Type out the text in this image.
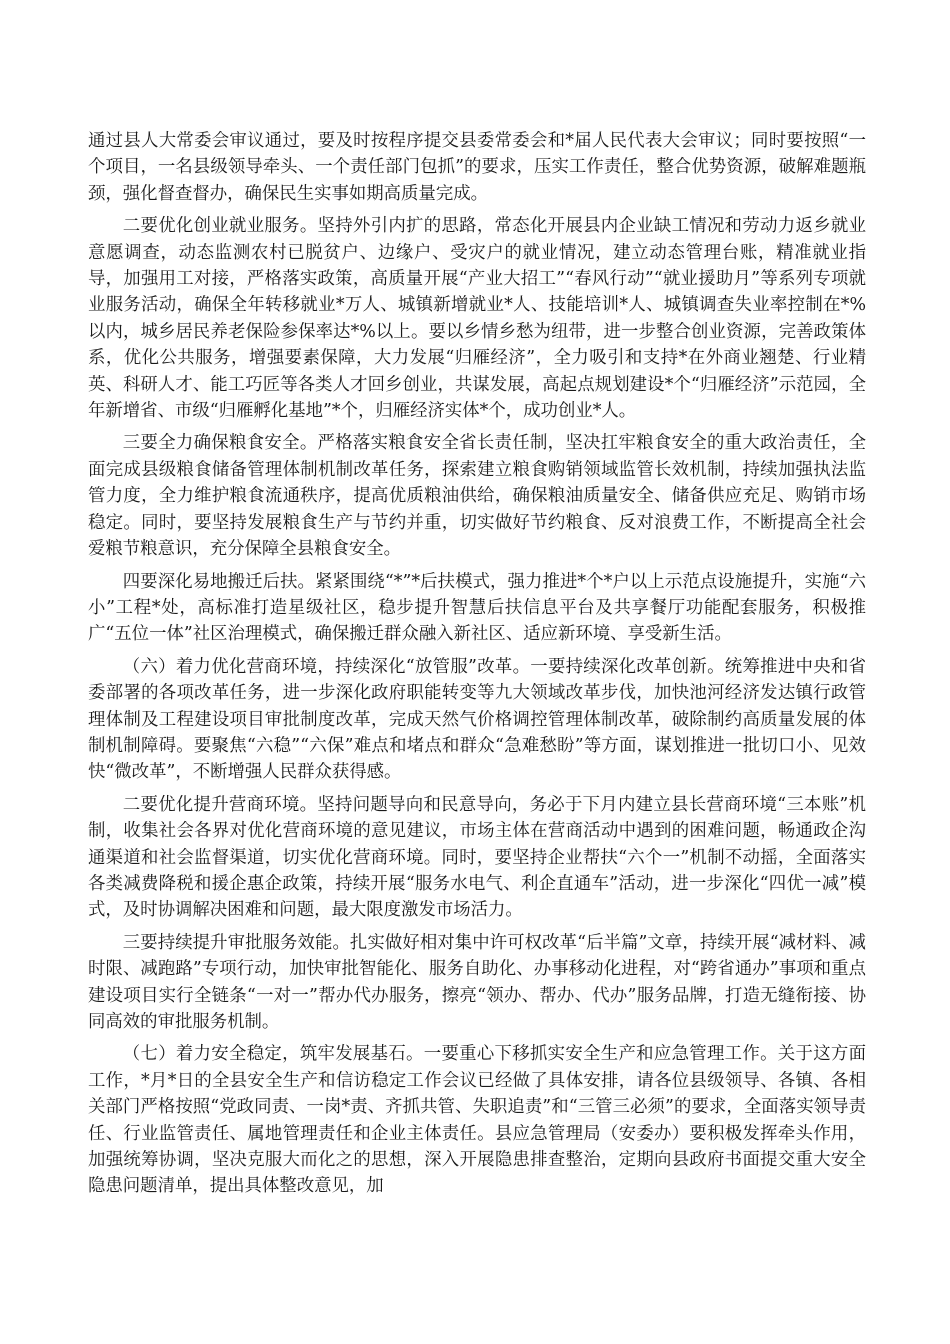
通过县人大常委会审议通过，要及时按程序提交县委常委会和*届人民代表大会审议；同时要按照“一个项目，一名县级领导牵头、一个责任部门包抓”的要求，压实工作责任，整合优势资源，破解难题瓶颈，强化督查督办，确保民生实事如期高质量完成。

二要优化创业就业服务。坚持外引内扩的思路，常态化开展县内企业缺工情况和劳动力返乡就业意愿调查，动态监测农村已脱贫户、边缘户、受灾户的就业情况，建立动态管理台账，精准就业指导，加强用工对接，严格落实政策，高质量开展“产业大招工”“春风行动”“就业援助月”等系列专项就业服务活动，确保全年转移就业*万人、城镇新增就业*人、技能培训*人、城镇调查失业率控制在*%以内，城乡居民养老保险参保率达*%以上。要以乡情乡愁为纽带，进一步整合创业资源，完善政策体系，优化公共服务，增强要素保障，大力发展“归雁经济”，全力吸引和支持*在外商业翘楚、行业精英、科研人才、能工巧匠等各类人才回乡创业，共谋发展，高起点规划建设*个“归雁经济”示范园，全年新增省、市级“归雁孵化基地”*个，归雁经济实体*个，成功创业*人。

三要全力确保粮食安全。严格落实粮食安全省长责任制，坚决扛牢粮食安全的重大政治责任，全面完成县级粮食储备管理体制机制改革任务，探索建立粮食购销领域监管长效机制，持续加强执法监管力度，全力维护粮食流通秩序，提高优质粮油供给，确保粮油质量安全、储备供应充足、购销市场稳定。同时，要坚持发展粮食生产与节约并重，切实做好节约粮食、反对浪费工作，不断提高全社会爱粮节粮意识，充分保障全县粮食安全。

四要深化易地搬迁后扶。紧紧围绕“*”*后扶模式，强力推进*个*户以上示范点设施提升，实施“六小”工程*处，高标准打造星级社区，稳步提升智慧后扶信息平台及共享餐厅功能配套服务，积极推广“五位一体”社区治理模式，确保搬迁群众融入新社区、适应新环境、享受新生活。

（六）着力优化营商环境，持续深化“放管服”改革。一要持续深化改革创新。统筹推进中央和省委部署的各项改革任务，进一步深化政府职能转变等九大领域改革步伐，加快池河经济发达镇行政管理体制及工程建设项目审批制度改革，完成天然气价格调控管理体制改革，破除制约高质量发展的体制机制障碍。要聚焦“六稳”“六保”难点和堵点和群众“急难愁盼”等方面，谋划推进一批切口小、见效快“微改革”，不断增强人民群众获得感。

二要优化提升营商环境。坚持问题导向和民意导向，务必于下月内建立县长营商环境“三本账”机制，收集社会各界对优化营商环境的意见建议，市场主体在营商活动中遇到的困难问题，畅通政企沟通渠道和社会监督渠道，切实优化营商环境。同时，要坚持企业帮扶“六个一”机制不动摇，全面落实各类减费降税和援企惠企政策，持续开展“服务水电气、利企直通车”活动，进一步深化“四优一减”模式，及时协调解决困难和问题，最大限度激发市场活力。

三要持续提升审批服务效能。扎实做好相对集中许可权改革“后半篇”文章，持续开展“减材料、减时限、减跑路”专项行动，加快审批智能化、服务自助化、办事移动化进程，对“跨省通办”事项和重点建设项目实行全链条“一对一”帮办代办服务，擦亮“领办、帮办、代办”服务品牌，打造无缝衔接、协同高效的审批服务机制。

（七）着力安全稳定，筑牢发展基石。一要重心下移抓实安全生产和应急管理工作。关于这方面工作，*月*日的全县安全生产和信访稳定工作会议已经做了具体安排，请各位县级领导、各镇、各相关部门严格按照“党政同责、一岗*责、齐抓共管、失职追责”和“三管三必须”的要求，全面落实领导责任、行业监管责任、属地管理责任和企业主体责任。县应急管理局（安委办）要积极发挥牵头作用，加强统筹协调，坚决克服大而化之的思想，深入开展隐患排查整治，定期向县政府书面提交重大安全隐患问题清单，提出具体整改意见，加
